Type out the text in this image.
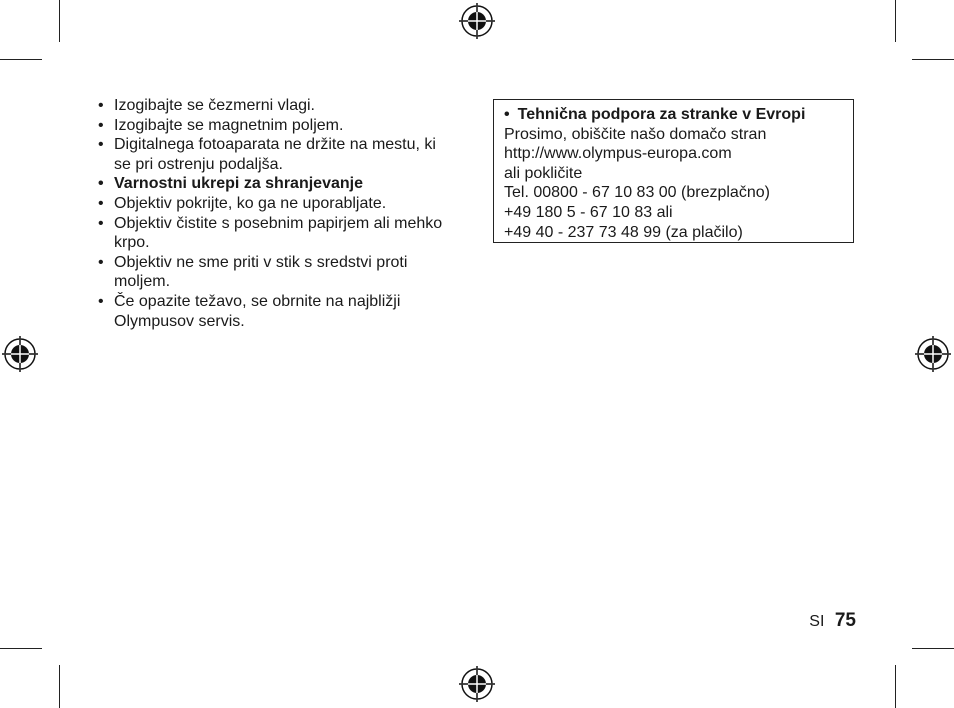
• Izogibajte se čezmerni vlagi.
• Izogibajte se magnetnim poljem.
• Digitalnega fotoaparata ne držite na mestu, ki se pri ostrenju podaljša.
• Varnostni ukrepi za shranjevanje
• Objektiv pokrijte, ko ga ne uporabljate.
• Objektiv čistite s posebnim papirjem ali mehko krpo.
• Objektiv ne sme priti v stik s sredstvi proti moljem.
• Če opazite težavo, se obrnite na najbližji Olympusov servis.
• Tehnična podpora za stranke v Evropi
Prosimo, obiščite našo domačo stran
http://www.olympus-europa.com
ali pokličite
Tel. 00800 - 67 10 83 00 (brezplačno)
+49 180 5 - 67 10 83 ali
+49 40 - 237 73 48 99 (za plačilo)
SI 75
